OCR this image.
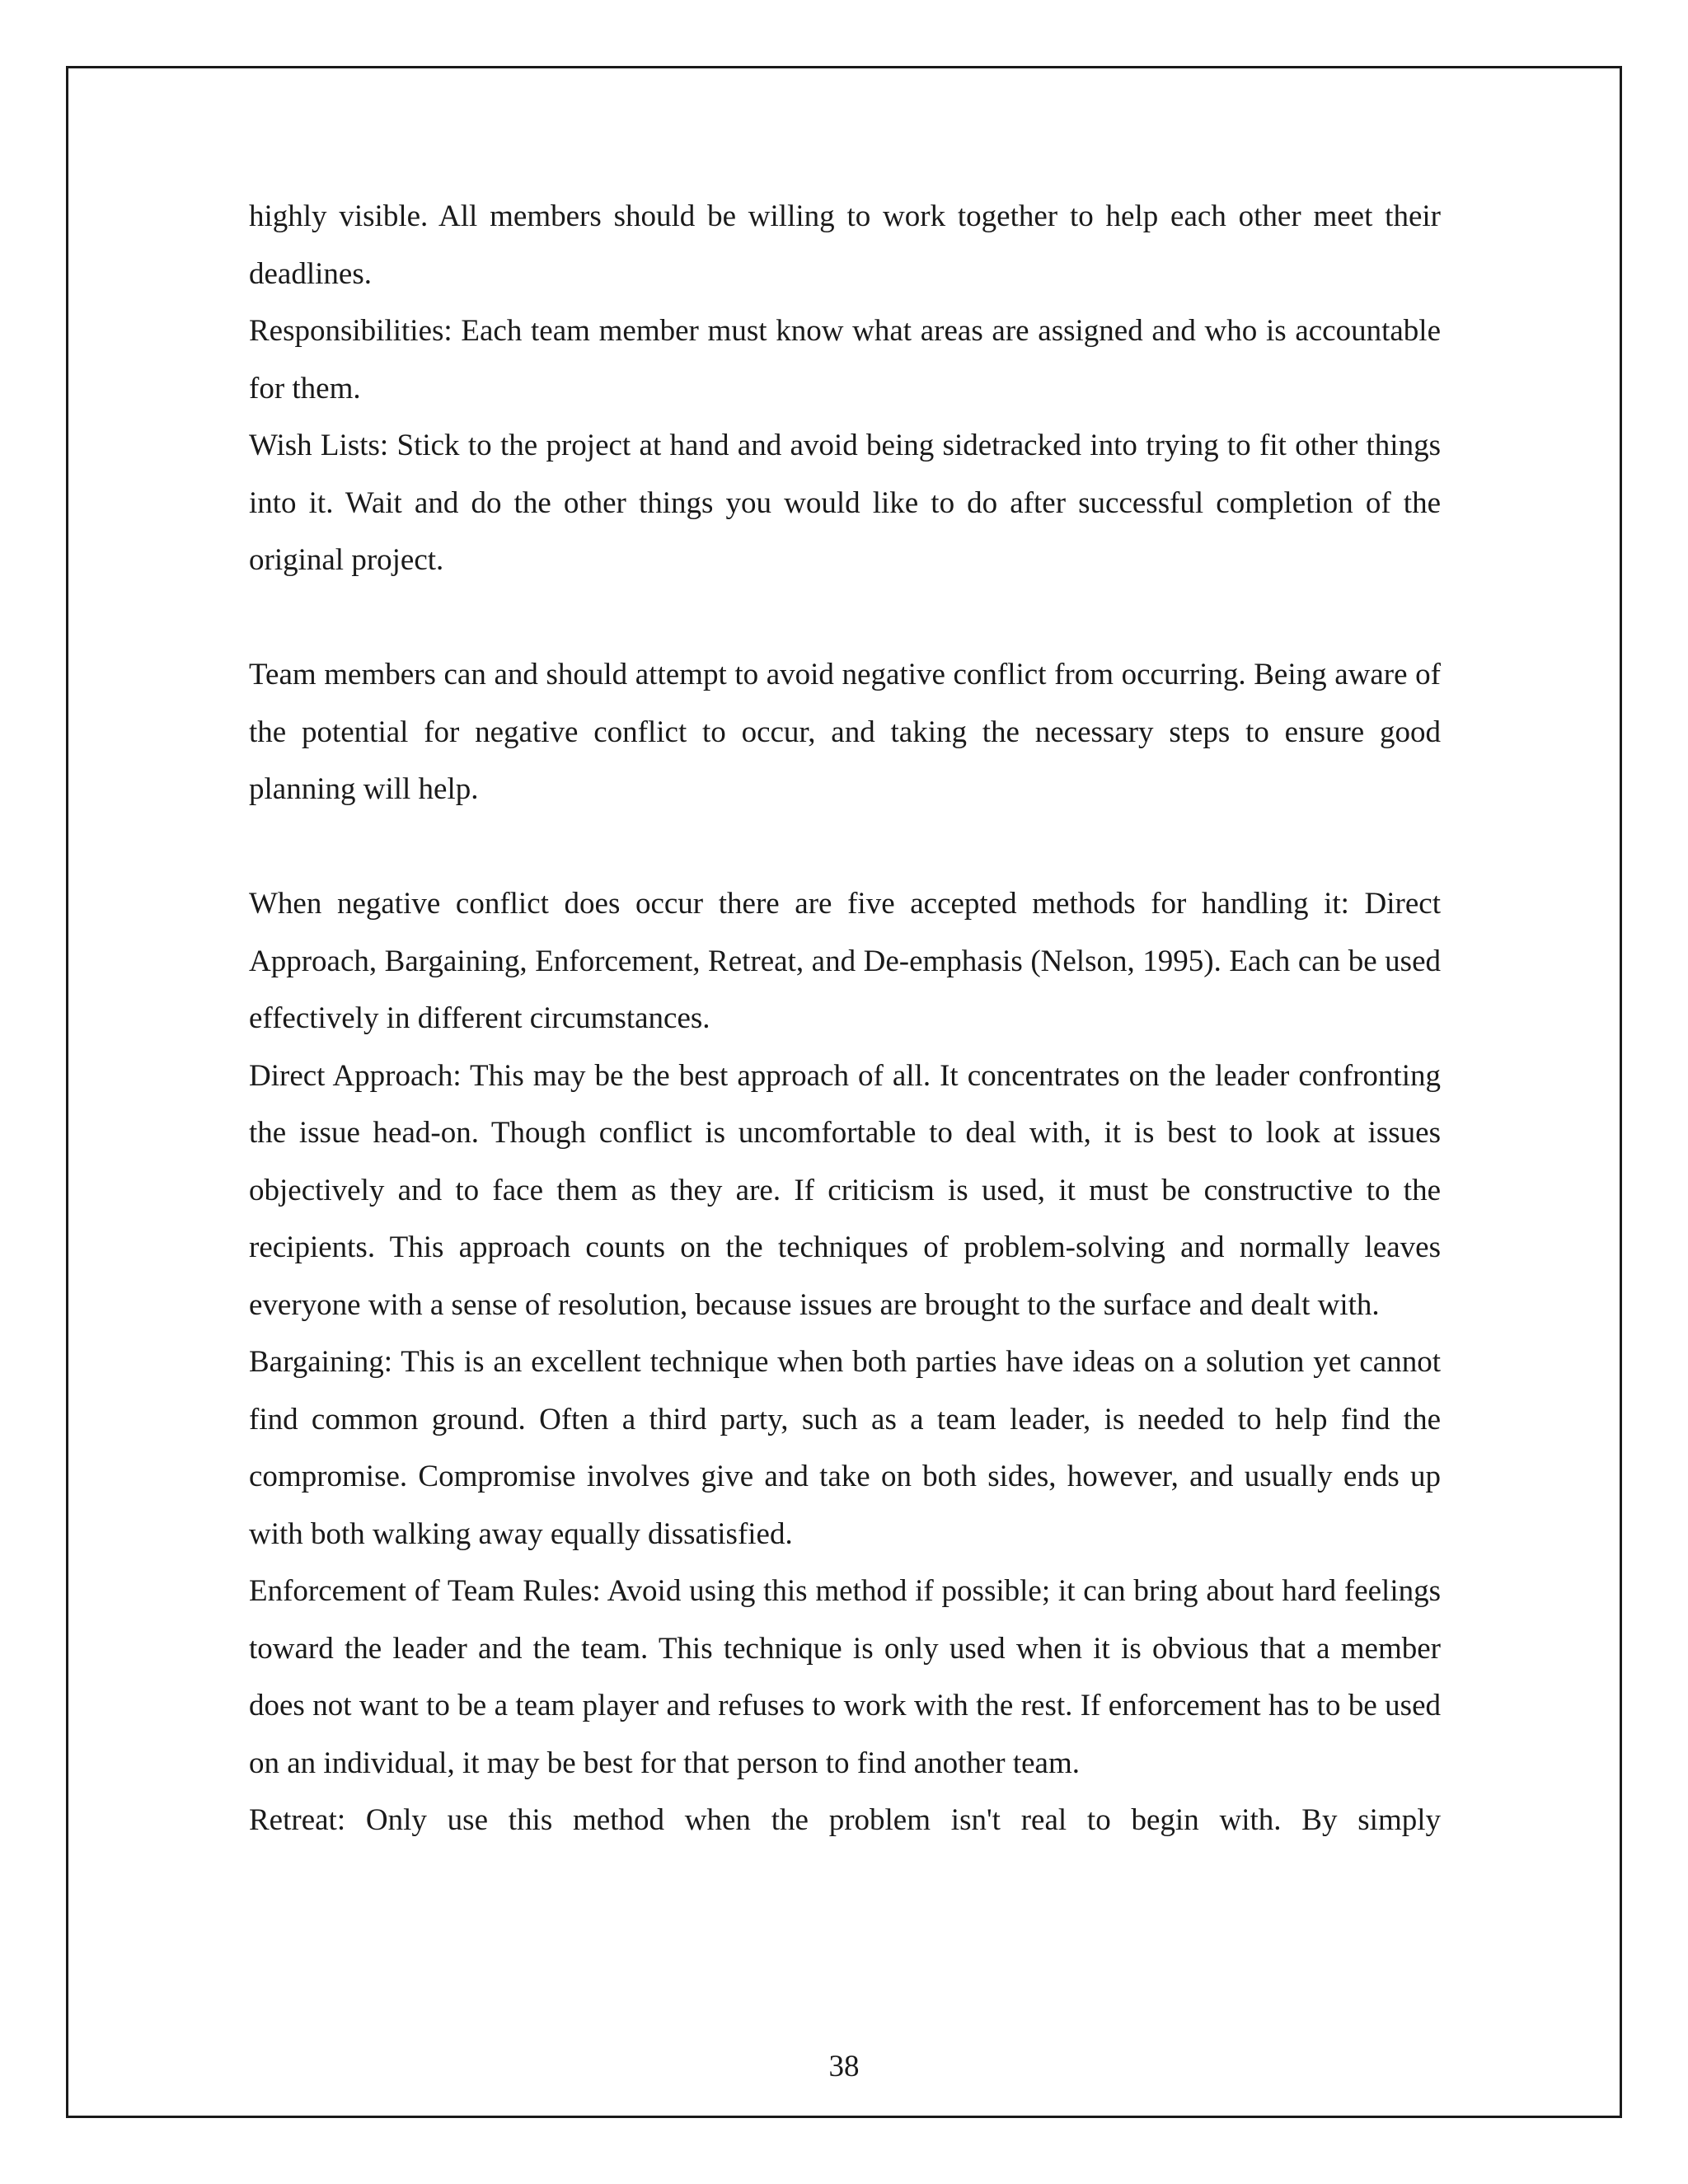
highly visible. All members should be willing to work together to help each other meet their deadlines.

Responsibilities: Each team member must know what areas are assigned and who is accountable for them.

Wish Lists: Stick to the project at hand and avoid being sidetracked into trying to fit other things into it. Wait and do the other things you would like to do after successful completion of the original project.

Team members can and should attempt to avoid negative conflict from occurring. Being aware of the potential for negative conflict to occur, and taking the necessary steps to ensure good planning will help.

When negative conflict does occur there are five accepted methods for handling it: Direct Approach, Bargaining, Enforcement, Retreat, and De-emphasis (Nelson, 1995). Each can be used effectively in different circumstances.

Direct Approach: This may be the best approach of all. It concentrates on the leader confronting the issue head-on. Though conflict is uncomfortable to deal with, it is best to look at issues objectively and to face them as they are. If criticism is used, it must be constructive to the recipients. This approach counts on the techniques of problem-solving and normally leaves everyone with a sense of resolution, because issues are brought to the surface and dealt with.

Bargaining: This is an excellent technique when both parties have ideas on a solution yet cannot find common ground. Often a third party, such as a team leader, is needed to help find the compromise. Compromise involves give and take on both sides, however, and usually ends up with both walking away equally dissatisfied.

Enforcement of Team Rules: Avoid using this method if possible; it can bring about hard feelings toward the leader and the team. This technique is only used when it is obvious that a member does not want to be a team player and refuses to work with the rest. If enforcement has to be used on an individual, it may be best for that person to find another team.

Retreat: Only use this method when the problem isn't real to begin with. By simply

38
